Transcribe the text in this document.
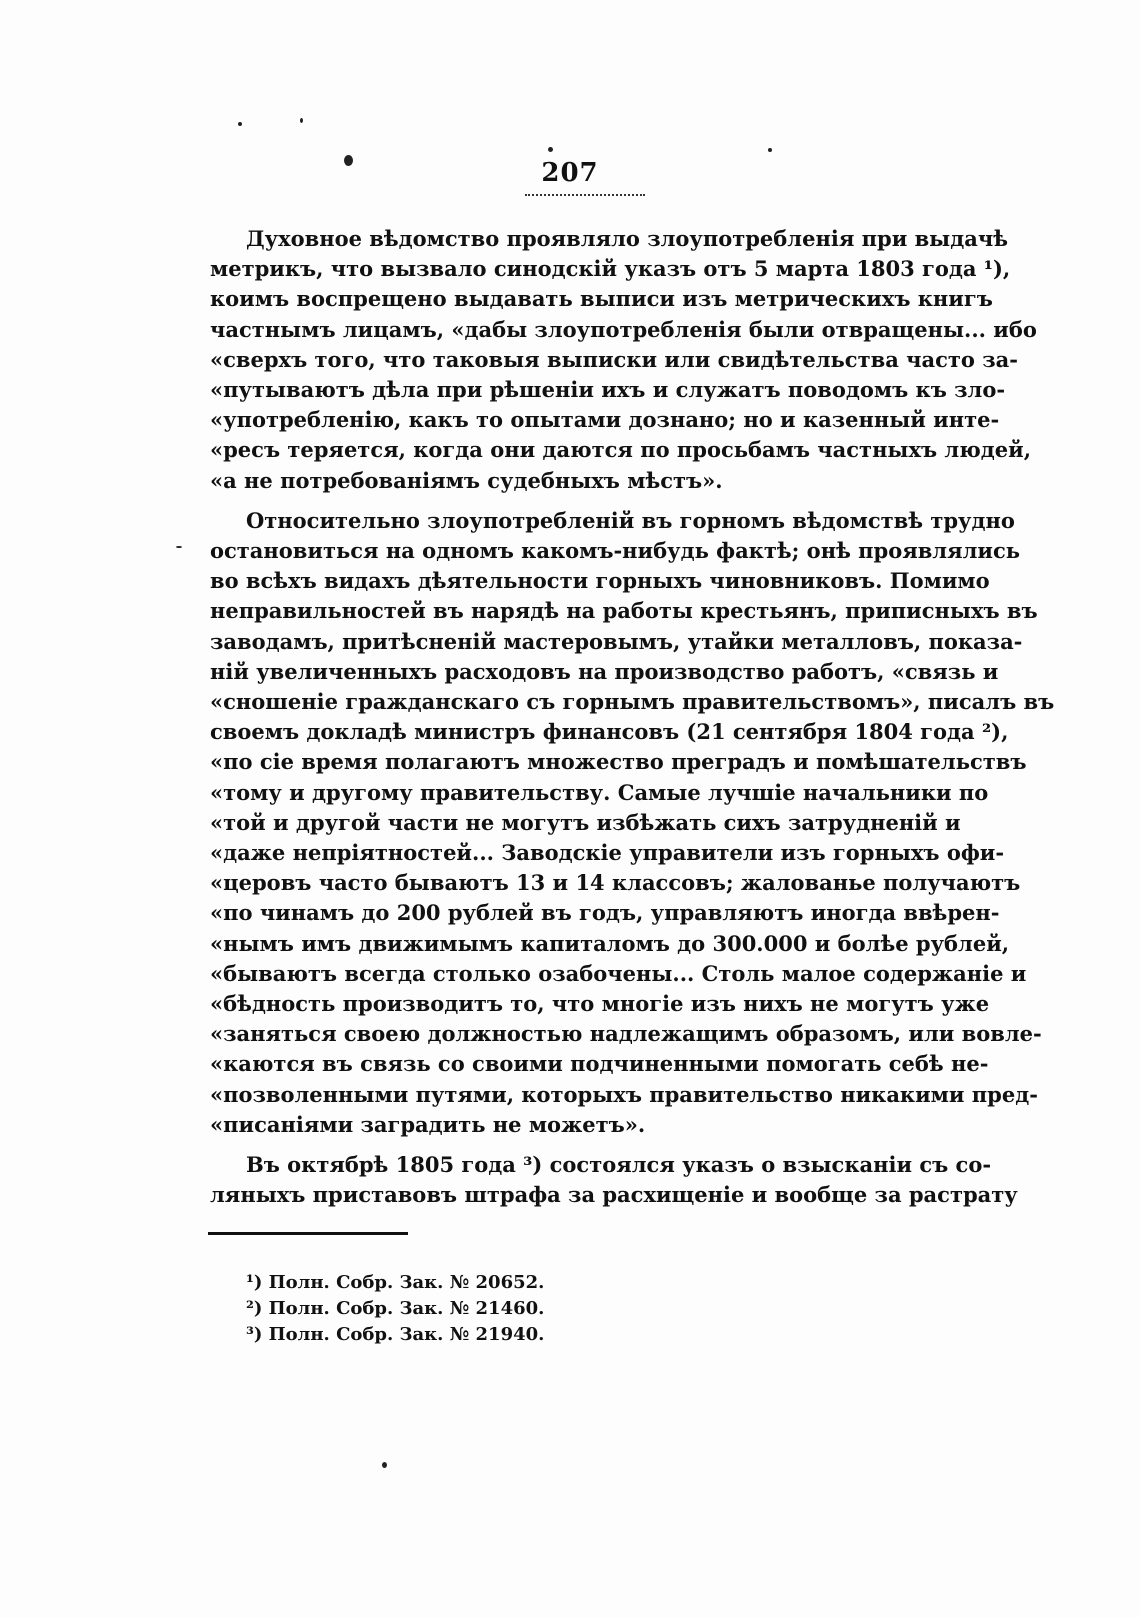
207
Духовное вѣдомство проявляло злоупотребленія при выдачѣ
метрикъ, что вызвало синодскій указъ отъ 5 марта 1803 года ¹),
коимъ воспрещено выдавать выписи изъ метрическихъ книгъ
частнымъ лицамъ, «дабы злоупотребленія были отвращены... ибо
«сверхъ того, что таковыя выписки или свидѣтельства часто за-
«путываютъ дѣла при рѣшеніи ихъ и служатъ поводомъ къ зло-
«употребленію, какъ то опытами дознано; но и казенный инте-
«ресъ теряется, когда они даются по просьбамъ частныхъ людей,
«а не потребованіямъ судебныхъ мѣстъ».
Относительно злоупотребленій въ горномъ вѣдомствѣ трудно
остановиться на одномъ какомъ-нибудь фактѣ; онѣ проявлялись
во всѣхъ видахъ дѣятельности горныхъ чиновниковъ. Помимо
неправильностей въ нарядѣ на работы крестьянъ, приписныхъ въ
заводамъ, притѣсненій мастеровымъ, утайки металловъ, показа-
ній увеличенныхъ расходовъ на производство работъ, «связь и
«сношеніе гражданскаго съ горнымъ правительствомъ», писалъ въ
своемъ докладѣ министръ финансовъ (21 сентября 1804 года ²),
«по сіе время полагаютъ множество преградъ и помѣшательствъ
«тому и другому правительству. Самые лучшіе начальники по
«той и другой части не могутъ избѣжать сихъ затрудненій и
«даже непріятностей... Заводскіе управители изъ горныхъ офи-
«церовъ часто бываютъ 13 и 14 классовъ; жалованье получаютъ
«по чинамъ до 200 рублей въ годъ, управляютъ иногда ввѣрен-
«нымъ имъ движимымъ капиталомъ до 300.000 и болѣе рублей,
«бываютъ всегда столько озабочены... Столь малое содержаніе и
«бѣдность производитъ то, что многіе изъ нихъ не могутъ уже
«заняться своею должностью надлежащимъ образомъ, или вовле-
«каются въ связь со своими подчиненными помогать себѣ не-
«позволенными путями, которыхъ правительство никакими пред-
«писаніями заградить не можетъ».
Въ октябрѣ 1805 года ³) состоялся указъ о взысканіи съ со-
ляныхъ приставовъ штрафа за расхищеніе и вообще за растрату
¹) Полн. Собр. Зак. № 20652.
²) Полн. Собр. Зак. № 21460.
³) Полн. Собр. Зак. № 21940.
